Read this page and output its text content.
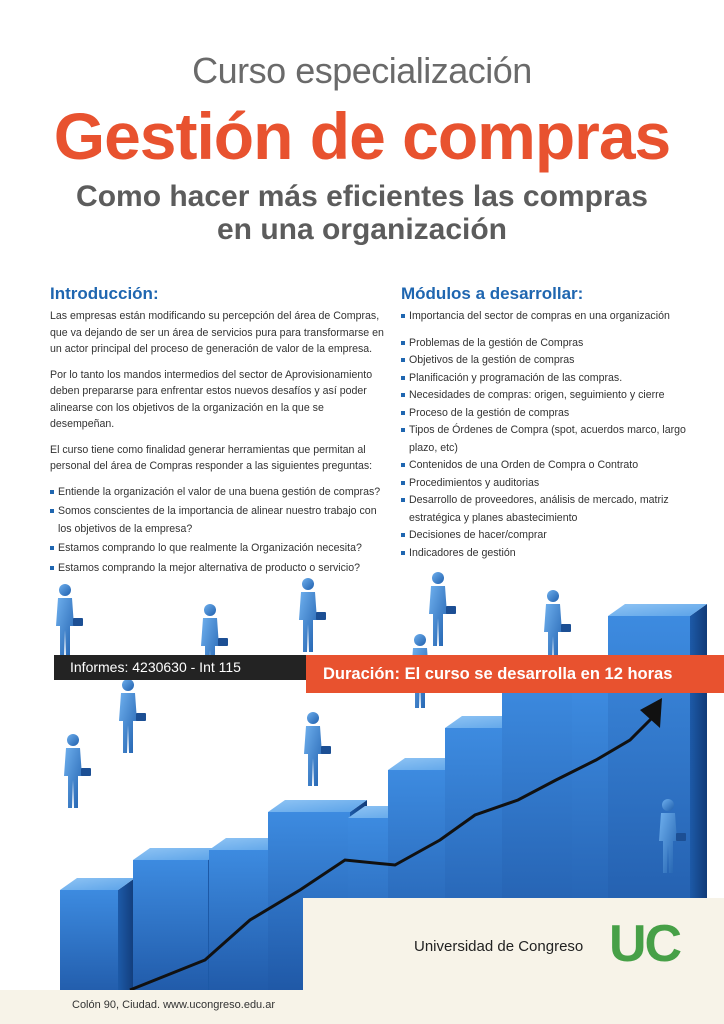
Curso especialización
Gestión de compras
Como hacer más eficientes las compras
en una organización
Introducción:

Las empresas están modificando su percepción del área de Compras, que va dejando de ser un área de servicios pura para transformarse en un actor principal del proceso de generación de valor de la empresa.

Por lo tanto los mandos intermedios del sector de Aprovisionamiento deben prepararse para enfrentar estos nuevos desafíos y así poder alinearse con los objetivos de la organización en la que se desempeñan.

El curso tiene como finalidad generar herramientas que permitan al personal del área de Compras responder a las siguientes preguntas:

Entiende la organización el valor de una buena gestión de compras?
Somos conscientes de la importancia de alinear nuestro trabajo con los objetivos de la empresa?
Estamos comprando lo que realmente la Organización necesita?
Estamos comprando la mejor alternativa de producto o servicio?
Módulos a desarrollar:
Importancia del sector de compras en una organización
Problemas de la gestión de Compras
Objetivos de la gestión de compras
Planificación y programación de las compras.
Necesidades de compras: origen, seguimiento y cierre
Proceso de la gestión de compras
Tipos de Órdenes de Compra (spot, acuerdos marco, largo plazo, etc)
Contenidos de una Orden de Compra o Contrato
Procedimientos y auditorias
Desarrollo de proveedores, análisis de mercado, matriz estratégica y planes abastecimiento
Decisiones de hacer/comprar
Indicadores de gestión
Informes: 4230630 - Int 115	Duración: El curso se desarrolla en 12 horas
Universidad de Congreso UC
Colón 90, Ciudad. www.ucongreso.edu.ar
